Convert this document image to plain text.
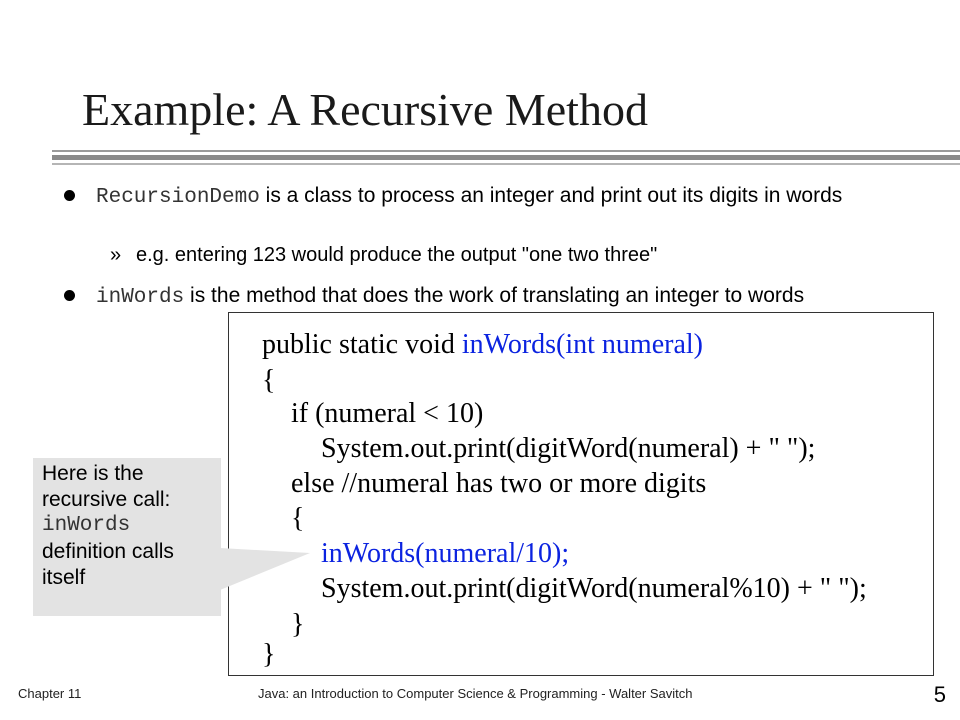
Example: A Recursive Method
RecursionDemo is a class to process an integer and print out its digits in words
» e.g. entering 123 would produce the output "one two three"
inWords is the method that does the work of translating an integer to words
public static void inWords(int numeral)
{
if (numeral < 10)
System.out.print(digitWord(numeral) + " ");
else //numeral has two or more digits
{
inWords(numeral/10);
System.out.print(digitWord(numeral%10) + " ");
}
}
Here is the
recursive call:
inWords
definition calls
itself
Chapter 11	Java: an Introduction to Computer Science & Programming - Walter Savitch	5
